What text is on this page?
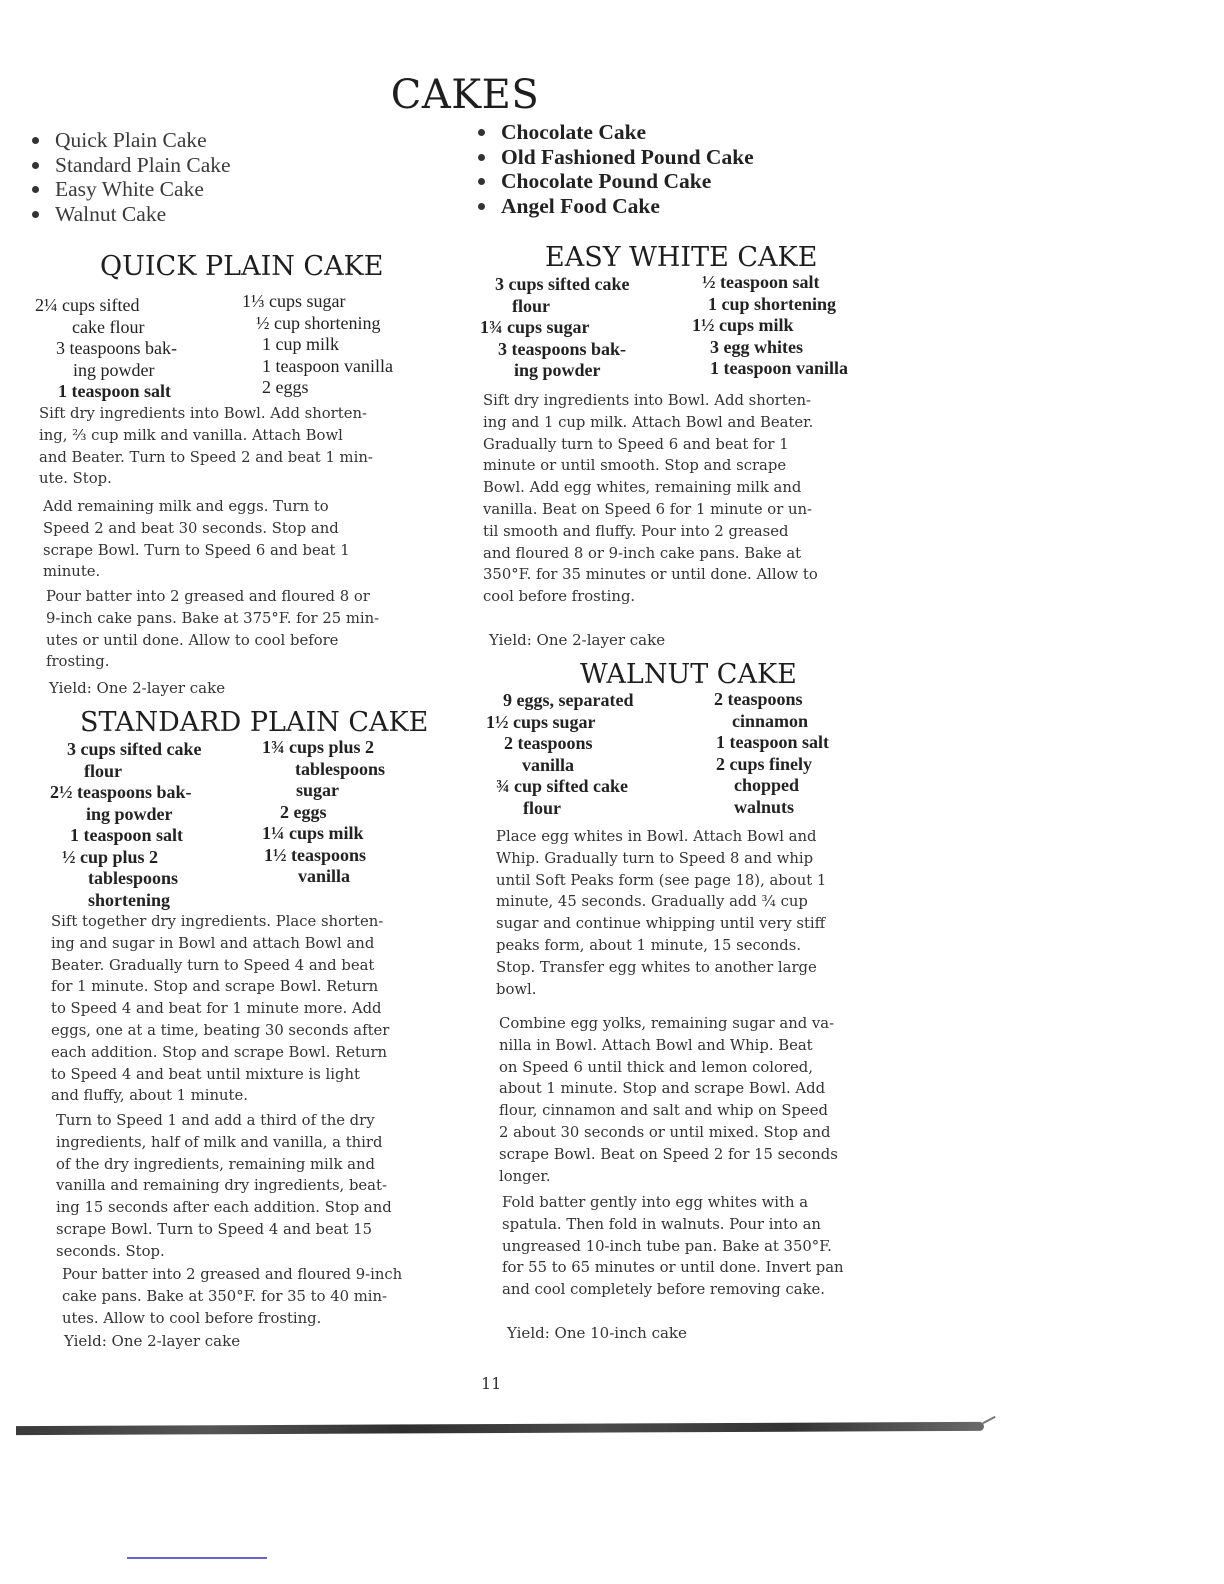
CAKES
Quick Plain Cake
Standard Plain Cake
Easy White Cake
Walnut Cake
Chocolate Cake
Old Fashioned Pound Cake
Chocolate Pound Cake
Angel Food Cake
QUICK PLAIN CAKE
2¼ cups sifted
cake flour
3 teaspoons bak-
ing powder
1 teaspoon salt
1⅓ cups sugar
½ cup shortening
1 cup milk
1 teaspoon vanilla
2 eggs

Sift dry ingredients into Bowl. Add shorten-
ing, ⅔ cup milk and vanilla. Attach Bowl
and Beater. Turn to Speed 2 and beat 1 min-
ute. Stop.

Add remaining milk and eggs. Turn to
Speed 2 and beat 30 seconds. Stop and
scrape Bowl. Turn to Speed 6 and beat 1
minute.

Pour batter into 2 greased and floured 8 or
9-inch cake pans. Bake at 375°F. for 25 min-
utes or until done. Allow to cool before
frosting.

Yield: One 2-layer cake
STANDARD PLAIN CAKE
3 cups sifted cake
flour
2½ teaspoons bak-
ing powder
1 teaspoon salt
½ cup plus 2
tablespoons
shortening
1¾ cups plus 2
tablespoons
sugar
2 eggs
1¼ cups milk
1½ teaspoons
vanilla

Sift together dry ingredients. Place shorten-
ing and sugar in Bowl and attach Bowl and
Beater. Gradually turn to Speed 4 and beat
for 1 minute. Stop and scrape Bowl. Return
to Speed 4 and beat for 1 minute more. Add
eggs, one at a time, beating 30 seconds after
each addition. Stop and scrape Bowl. Return
to Speed 4 and beat until mixture is light
and fluffy, about 1 minute.

Turn to Speed 1 and add a third of the dry
ingredients, half of milk and vanilla, a third
of the dry ingredients, remaining milk and
vanilla and remaining dry ingredients, beat-
ing 15 seconds after each addition. Stop and
scrape Bowl. Turn to Speed 4 and beat 15
seconds. Stop.

Pour batter into 2 greased and floured 9-inch
cake pans. Bake at 350°F. for 35 to 40 min-
utes. Allow to cool before frosting.

Yield: One 2-layer cake
EASY WHITE CAKE
3 cups sifted cake
flour
1¾ cups sugar
3 teaspoons bak-
ing powder
½ teaspoon salt
1 cup shortening
1½ cups milk
3 egg whites
1 teaspoon vanilla

Sift dry ingredients into Bowl. Add shorten-
ing and 1 cup milk. Attach Bowl and Beater.
Gradually turn to Speed 6 and beat for 1
minute or until smooth. Stop and scrape
Bowl. Add egg whites, remaining milk and
vanilla. Beat on Speed 6 for 1 minute or un-
til smooth and fluffy. Pour into 2 greased
and floured 8 or 9-inch cake pans. Bake at
350°F. for 35 minutes or until done. Allow to
cool before frosting.

Yield: One 2-layer cake
WALNUT CAKE
9 eggs, separated
1½ cups sugar
2 teaspoons
vanilla
¾ cup sifted cake
flour
2 teaspoons
cinnamon
1 teaspoon salt
2 cups finely
chopped
walnuts

Place egg whites in Bowl. Attach Bowl and
Whip. Gradually turn to Speed 8 and whip
until Soft Peaks form (see page 18), about 1
minute, 45 seconds. Gradually add ¾ cup
sugar and continue whipping until very stiff
peaks form, about 1 minute, 15 seconds.
Stop. Transfer egg whites to another large
bowl.

Combine egg yolks, remaining sugar and va-
nilla in Bowl. Attach Bowl and Whip. Beat
on Speed 6 until thick and lemon colored,
about 1 minute. Stop and scrape Bowl. Add
flour, cinnamon and salt and whip on Speed
2 about 30 seconds or until mixed. Stop and
scrape Bowl. Beat on Speed 2 for 15 seconds
longer.

Fold batter gently into egg whites with a
spatula. Then fold in walnuts. Pour into an
ungreased 10-inch tube pan. Bake at 350°F.
for 55 to 65 minutes or until done. Invert pan
and cool completely before removing cake.

Yield: One 10-inch cake
11
